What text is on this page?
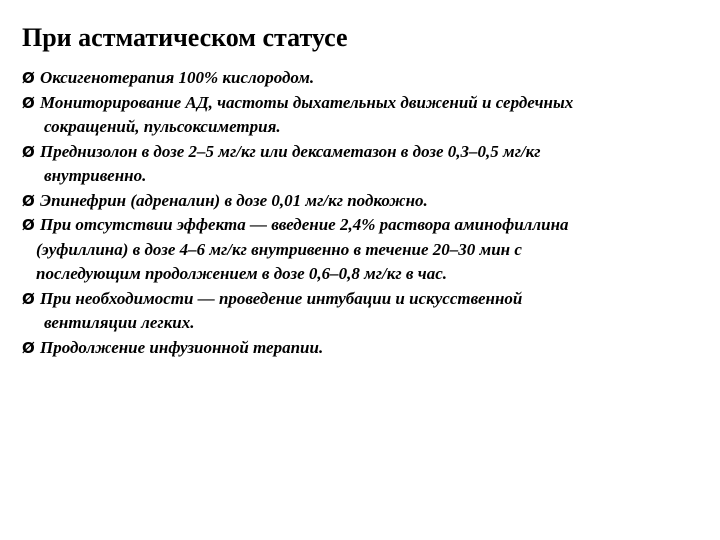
При астматическом статусе
Ø Оксигенотерапия 100% кислородом.
Ø Мониторирование АД, частоты дыхательных движений и сердечных
сокращений, пульсоксиметрия.
Ø Преднизолон в дозе 2–5 мг/кг или дексаметазон в дозе 0,3–0,5 мг/кг
внутривенно.
Ø Эпинефрин (адреналин) в дозе 0,01 мг/кг подкожно.
Ø При отсутствии эффекта — введение 2,4% раствора аминофиллина
(эуфиллина) в дозе 4–6 мг/кг внутривенно в течение 20–30 мин с
последующим продолжением в дозе 0,6–0,8 мг/кг в час.
Ø При необходимости — проведение интубации и искусственной
вентиляции легких.
Ø Продолжение инфузионной терапии.
